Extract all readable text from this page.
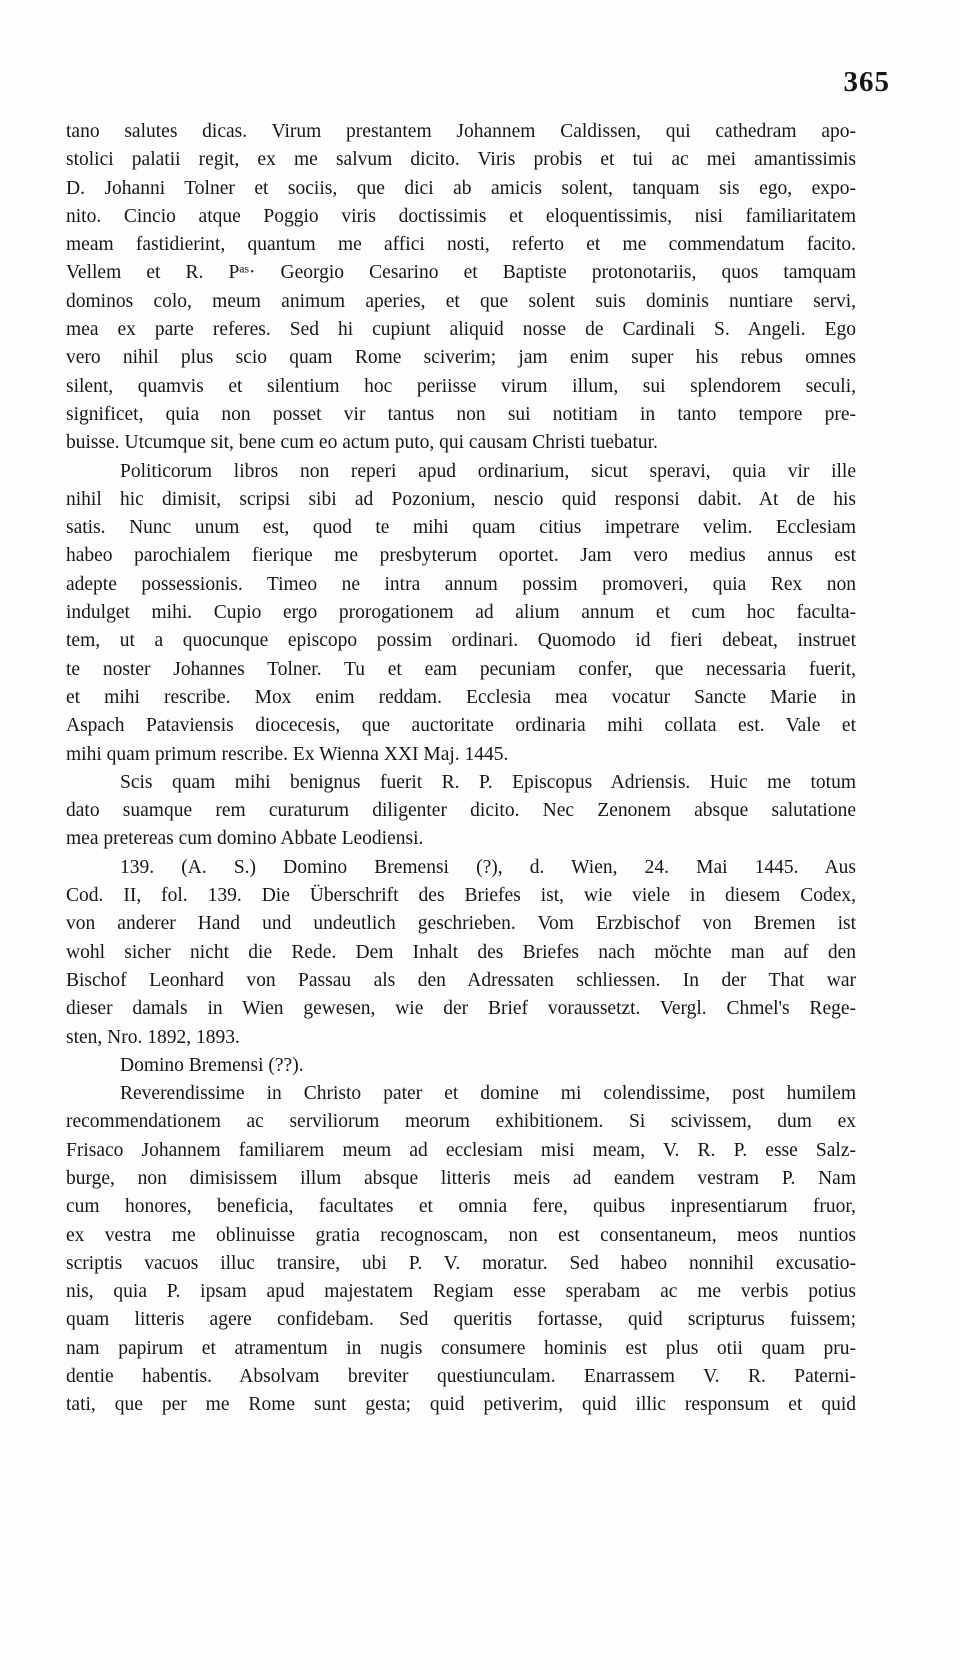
365
tano salutes dicas. Virum prestantem Johannem Caldissen, qui cathedram apo-
stolici palatii regit, ex me salvum dicito. Viris probis et tui ac mei amantissimis
D. Johanni Tolner et sociis, que dici ab amicis solent, tanquam sis ego, expo-
nito. Cincio atque Poggio viris doctissimis et eloquentissimis, nisi familiaritatem
meam fastidierint, quantum me affici nosti, referto et me commendatum facito.
Vellem et R. Pᵃˢ· Georgio Cesarino et Baptiste protonotariis, quos tamquam
dominos colo, meum animum aperies, et que solent suis dominis nuntiare servi,
mea ex parte referes. Sed hi cupiunt aliquid nosse de Cardinali S. Angeli. Ego
vero nihil plus scio quam Rome sciverim; jam enim super his rebus omnes
silent, quamvis et silentium hoc periisse virum illum, sui splendorem seculi,
significet, quia non posset vir tantus non sui notitiam in tanto tempore pre-
buisse. Utcumque sit, bene cum eo actum puto, qui causam Christi tuebatur.
Politicorum libros non reperi apud ordinarium, sicut speravi, quia vir ille
nihil hic dimisit, scripsi sibi ad Pozonium, nescio quid responsi dabit. At de his
satis. Nunc unum est, quod te mihi quam citius impetrare velim. Ecclesiam
habeo parochialem fierique me presbyterum oportet. Jam vero medius annus est
adepte possessionis. Timeo ne intra annum possim promoveri, quia Rex non
indulget mihi. Cupio ergo prorogationem ad alium annum et cum hoc faculta-
tem, ut a quocunque episcopo possim ordinari. Quomodo id fieri debeat, instruet
te noster Johannes Tolner. Tu et eam pecuniam confer, que necessaria fuerit,
et mihi rescribe. Mox enim reddam. Ecclesia mea vocatur Sancte Marie in
Aspach Pataviensis diocecesis, que auctoritate ordinaria mihi collata est. Vale et
mihi quam primum rescribe. Ex Wienna XXI Maj. 1445.
Scis quam mihi benignus fuerit R. P. Episcopus Adriensis. Huic me totum
dato suamque rem curaturum diligenter dicito. Nec Zenonem absque salutatione
mea pretereas cum domino Abbate Leodiensi.
139. (A. S.) Domino Bremensi (?), d. Wien, 24. Mai 1445. Aus
Cod. II, fol. 139. Die Überschrift des Briefes ist, wie viele in diesem Codex,
von anderer Hand und undeutlich geschrieben. Vom Erzbischof von Bremen ist
wohl sicher nicht die Rede. Dem Inhalt des Briefes nach möchte man auf den
Bischof Leonhard von Passau als den Adressaten schliessen. In der That war
dieser damals in Wien gewesen, wie der Brief voraussetzt. Vergl. Chmel's Rege-
sten, Nro. 1892, 1893.
Domino Bremensi (??).
Reverendissime in Christo pater et domine mi colendissime, post humilem
recommendationem ac serviliorum meorum exhibitionem. Si scivissem, dum ex
Frisaco Johannem familiarem meum ad ecclesiam misi meam, V. R. P. esse Salz-
burge, non dimisissem illum absque litteris meis ad eandem vestram P. Nam
cum honores, beneficia, facultates et omnia fere, quibus inpresentiarum fruor,
ex vestra me oblinuisse gratia recognoscam, non est consentaneum, meos nuntios
scriptis vacuos illuc transire, ubi P. V. moratur. Sed habeo nonnihil excusatio-
nis, quia P. ipsam apud majestatem Regiam esse sperabam ac me verbis potius
quam litteris agere confidebam. Sed queritis fortasse, quid scripturus fuissem;
nam papirum et atramentum in nugis consumere hominis est plus otii quam pru-
dentie habentis. Absolvam breviter questiunculam. Enarrassem V. R. Paterni-
tati, que per me Rome sunt gesta; quid petiverim, quid illic responsum et quid
